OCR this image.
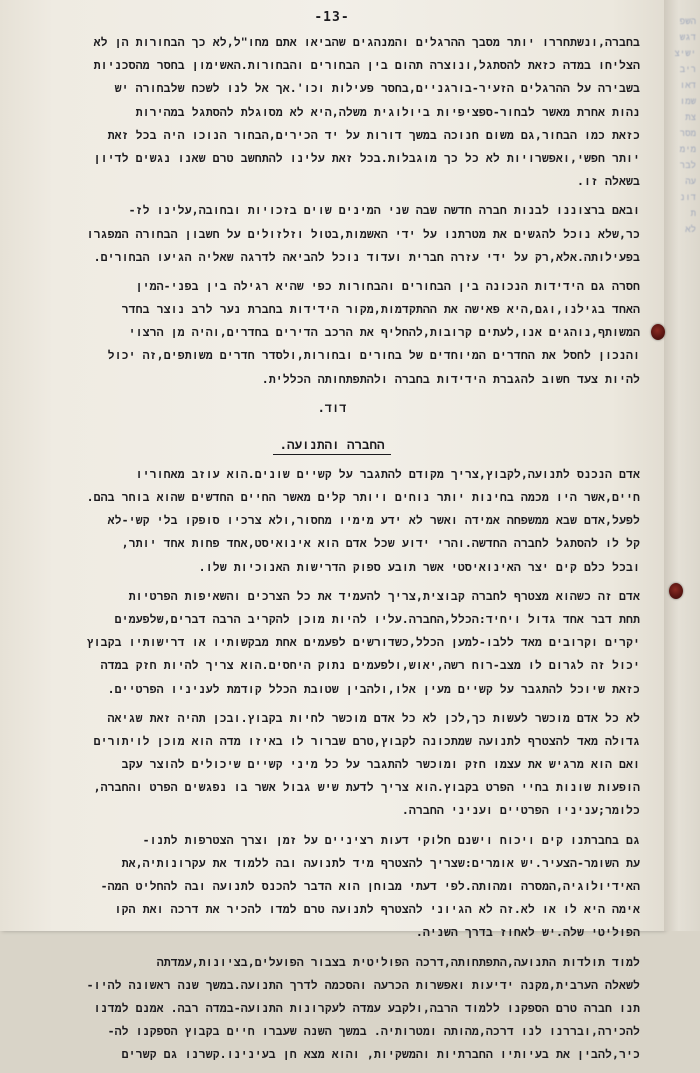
השפ
דגש
ישיצ
ריב
דאו
שמו
צת
מסר
מימ
לבר
עה
דונ
ת
לא
-13-
בחברה,ונשתחררו יותר מסבך ההרגלים והמנהגים שהביאו אתם מחו"ל,לא כך הבחורות הן לא
הצליחו במדה כזאת להסתגל,ונוצרה תהום בין הבחורים והבחורות.האשימון בחסר מהסכניות
בשבירה על ההרגלים הזעיר-בורגניים,בחסר פעילות וכו'.אך אל לנו לשכח שלבחורה יש
נהות אחרת מאשר לבחור-ספציפיות ביולוגית משלה,היא לא מסוגלת להסתגל במהירות
כזאת כמו הבחור,גם משום חנוכה במשך דורות על יד הכירים,הבחור הנוכו היה בכל זאת
יותר חפשי,ואפשרויות לא כל כך מוגבלות.בכל זאת עלינו להתחשב טרם שאנו נגשים לדיון
בשאלה זו.
ובאם ברצוננו לבנות חברה חדשה שבה שני המינים שוים בזכויות ובחובה,עלינו לז-
כר,שלא נוכל להגשים את מטרתנו על ידי האשמות,בטול וזלזולים על חשבון הבחורה המפגרו
בפעילותה.אלא,רק על ידי עזרה חברית ועדוד נוכל להביאה לדרגה שאליה הגיעו הבחורים.
חסרה גם הידידות הנכונה בין הבחורים והבחורות כפי שהיא רגילה בין בפני-המין
האחד בגילנו,וגם,היא פאישה את ההתקדמות,מקור הידידות בחברת נער לרב נוצר בחדר
המשותף,נוהגים אנו,לעתים קרובות,להחליף את הרכב הדירים בחדרים,והיה מן הרצוי
והנכון לחסל את החדרים המיוחדים של בחורים ובחורות,ולסדר חדרים משותפים,זה יכול
להיות צעד חשוב להגברת הידידות בחברה ולהתפתחותה הכללית.
דוד.
החברה והתנועה.
אדם הנכנס לתנועה,לקבוץ,צריך מקודם להתגבר על קשיים שונים.הוא עוזב מאחוריו
חיים,אשר היו מכמה בחינות יותר נוחים ויותר קלים מאשר החיים החדשים שהוא בוחר בהם.
לפעל,אדם שבא ממשפחה אמידה ואשר לא ידע מימיו מחסור,ולא צרכיו סופקו בלי קשי-לא
קל לו להסתגל לחברה החדשה.והרי ידוע שכל אדם הוא אינואיסט,אחד פחות אחד יותר,
ובכל כלם קים יצר האינואיסטי אשר תובע ספוק הדרישות האנוכיות שלו.
אדם זה כשהוא מצטרף לחברה קבוצית,צריך להעמיד את כל הצרכים והשאיפות הפרטיות
תחת דבר אחד גדול ויחיד:הכלל,החברה.עליו להיות מוכן להקריב הרבה דברים,שלפעמים
יקרים וקרובים מאד ללבו-למען הכלל,כשדורשים לפעמים אחת מבקשותיו או דרישותיו בקבוץ
יכול זה לגרום לו מצב-רוח רשה,יאוש,ולפעמים נתוק היחסים.הוא צריך להיות חזק במדה
כזאת שיוכל להתגבר על קשיים מעין אלו,ולהבין שטובת הכלל קודמת לעניניו הפרטיים.
לא כל אדם מוכשר לעשות כך,לכן לא כל אדם מוכשר לחיות בקבוץ.ובכן תהיה זאת שגיאה
גדולה מאד להצטרף לתנועה שמתכונה לקבוץ,טרם שברור לו באיזו מדה הוא מוכן לויתורים
ואם הוא מרגיש את עצמו חזק ומוכשר להתגבר על כל מיני קשיים שיכולים להוצר עקב
הופעות שונות בחיי הפרט בקבוץ.הוא צריך לדעת שיש גבול אשר בו נפגשים הפרט והחברה,
כלומר;עניניו הפרטיים ועניני החברה.
גם בחברתנו קים ויכוח וישנם חלוקי דעות רציניים על זמן וצרך הצטרפות לתנו-
עת השומר-הצעיר.יש אומרים:שצריך להצטרף מיד לתנועה ובה ללמוד את עקרונותיה,את
האידיולוגיה,המסרה ומהותה.לפי דעתי מבוחן הוא הדבר להכנס לתנועה ובה להחליט המה-
אימה היא לו או לא.זה לא הגיוני להצטרף לתנועה טרם למדו להכיר את דרכה ואת הקו
הפוליטי שלה.יש לאחוז בדרך השניה.
למוד תולדות התנועה,התפתחותה,דרכה הפוליטית בצבור הפועלים,בציונות,עמדתה
לשאלה הערבית,מקנה ידיעות ואפשרות הכרעה והסכמה לדרך התנועה.במשך שנה ראשונה להיו-
תנו חברה טרם הספקנו ללמוד הרבה,ולקבע עמדה לעקרונות התנועה-במדה רבה. אמנם למדנו
להכירה,ובררנו לנו דרכה,מהותה ומטרותיה. במשך השנה שעברו חיים בקבוץ הספקנו לה-
כיר,להבין את בעיותיו החברתיות והמשקיות, והוא מצא חן בעינינו.קשרנו גם קשרים
